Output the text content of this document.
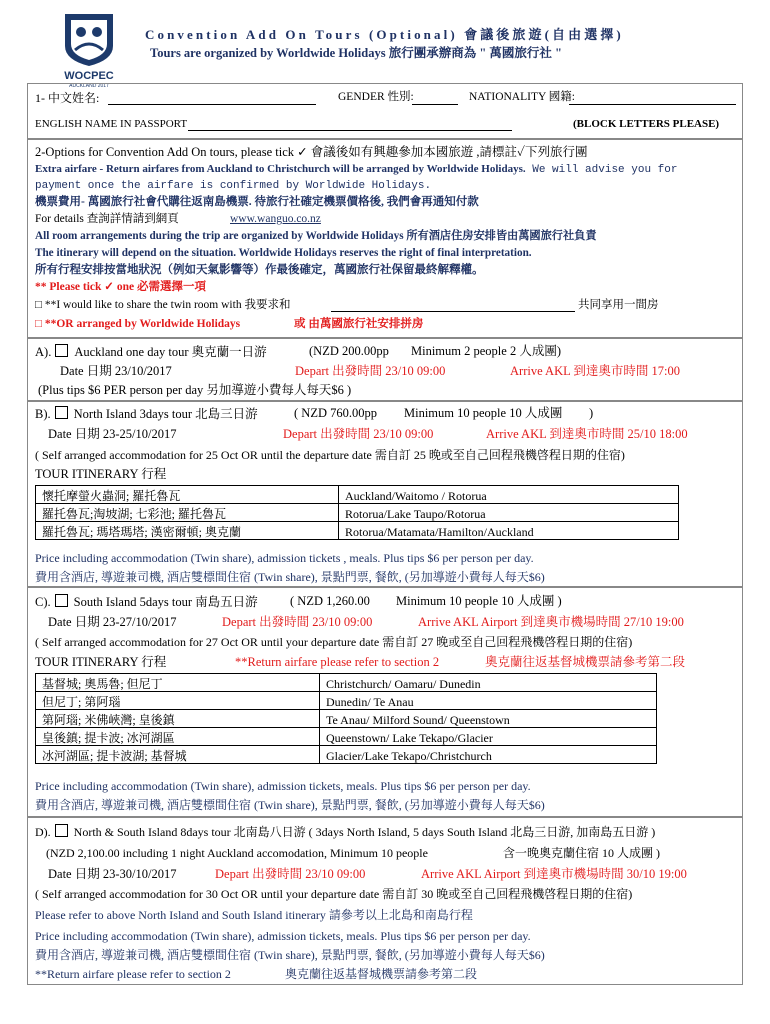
WOCPEC
AUCKLAND 2017
Convention Add On Tours (Optional) 會議後旅遊(自由選擇)
Tours are organized by Worldwide Holidays 旅行團承辦商為 " 萬國旅行社 "
1- 中文姓名:	GENDER 性別:	NATIONALITY 國籍:
ENGLISH NAME IN PASSPORT	(BLOCK LETTERS PLEASE)
2-Options for Convention Add On tours, please tick ✓ 會議後如有興趣參加本國旅遊 ,請標註✓下列旅行團
Extra airfare - Return airfares from Auckland to Christchurch will be arranged by Worldwide Holidays. We will advise you for
payment once the airfare is confirmed by Worldwide Holidays.
機票費用- 萬國旅行社會代購往返南島機票. 待旅行社確定機票價格後, 我們會再通知付款
For details 查詢詳情請到網頁	www.wanguo.co.nz
All room arrangements during the trip are organized by Worldwide Holidays 所有酒店住房安排皆由萬國旅行社負責
The itinerary will depend on the situation. Worldwide Holidays reserves the right of final interpretation.
所有行程安排按當地狀況（例如天氣影響等）作最後確定，萬國旅行社保留最終解釋權。
** Please tick ✓ one 必需選擇一項
□ **I would like to share the twin room with 我要求和	共同享用一間房
□ **OR arranged by Worldwide Holidays	或 由萬國旅行社安排拼房
A). Auckland one day tour 奧克蘭一日游	(NZD 200.00pp Minimum 2 people 2 人成團)
Date 日期 23/10/2017	Depart 出發時間 23/10 09:00	Arrive AKL 到達奧市時間 17:00
(Plus tips $6 PER person per day 另加導遊小費每人每天$6 )
B). North Island 3days tour 北島三日游	( NZD 760.00pp Minimum 10 people 10 人成團 )
Date 日期 23-25/10/2017	Depart 出發時間 23/10 09:00	Arrive AKL 到達奧市時間 25/10 18:00
( Self arranged accommodation for 25 Oct OR until the departure date 需自訂 25 晚或至自己回程飛機啓程日期的住宿)
TOUR ITINERARY 行程
懷托摩螢火蟲洞; 羅托魯瓦	Auckland/Waitomo / Rotorua
羅托魯瓦;淘坡湖; 七彩池; 羅托魯瓦	Rotorua/Lake Taupo/Rotorua
羅托魯瓦; 瑪塔瑪塔; 漢密爾頓; 奧克蘭	Rotorua/Matamata/Hamilton/Auckland
Price including accommodation (Twin share), admission tickets , meals. Plus tips $6 per person per day.
費用含酒店, 導遊兼司機, 酒店雙標間住宿 (Twin share), 景點門票, 餐飲, (另加導遊小費每人每天$6)
C). South Island 5days tour 南島五日游	( NZD 1,260.00 Minimum 10 people 10 人成團 )
Date 日期 23-27/10/2017	Depart 出發時間 23/10 09:00	Arrive AKL Airport 到達奧市機場時間 27/10 19:00
( Self arranged accommodation for 27 Oct OR until your departure date 需自訂 27 晚或至自己回程飛機啓程日期的住宿)
TOUR ITINERARY 行程	**Return airfare please refer to section 2	奧克蘭往返基督城機票請參考第二段
基督城; 奧馬魯; 但尼丁	Christchurch/ Oamaru/ Dunedin
但尼丁; 第阿瑙	Dunedin/ Te Anau
第阿瑙; 米佛峽灣; 皇後鎮	Te Anau/ Milford Sound/ Queenstown
皇後鎮; 提卡波; 冰河湖區	Queenstown/ Lake Tekapo/Glacier
冰河湖區; 提卡波湖; 基督城	Glacier/Lake Tekapo/Christchurch
Price including accommodation (Twin share), admission tickets, meals. Plus tips $6 per person per day.
費用含酒店, 導遊兼司機, 酒店雙標間住宿 (Twin share), 景點門票, 餐飲, (另加導遊小費每人每天$6)
D). North & South Island 8days tour 北南島八日游 ( 3days North Island, 5 days South Island 北島三日游, 加南島五日游 )
(NZD 2,100.00 including 1 night Auckland accomodation, Minimum 10 people	含一晚奧克蘭住宿 10 人成團 )
Date 日期 23-30/10/2017	Depart 出發時間 23/10 09:00	Arrive AKL Airport 到達奧市機場時間 30/10 19:00
( Self arranged accommodation for 30 Oct OR until your departure date 需自訂 30 晚或至自己回程飛機啓程日期的住宿)
Please refer to above North Island and South Island itinerary 請參考以上北島和南島行程
Price including accommodation (Twin share), admission tickets, meals. Plus tips $6 per person per day.
費用含酒店, 導遊兼司機, 酒店雙標間住宿 (Twin share), 景點門票, 餐飲, (另加導遊小費每人每天$6)
**Return airfare please refer to section 2	奧克蘭往返基督城機票請參考第二段
